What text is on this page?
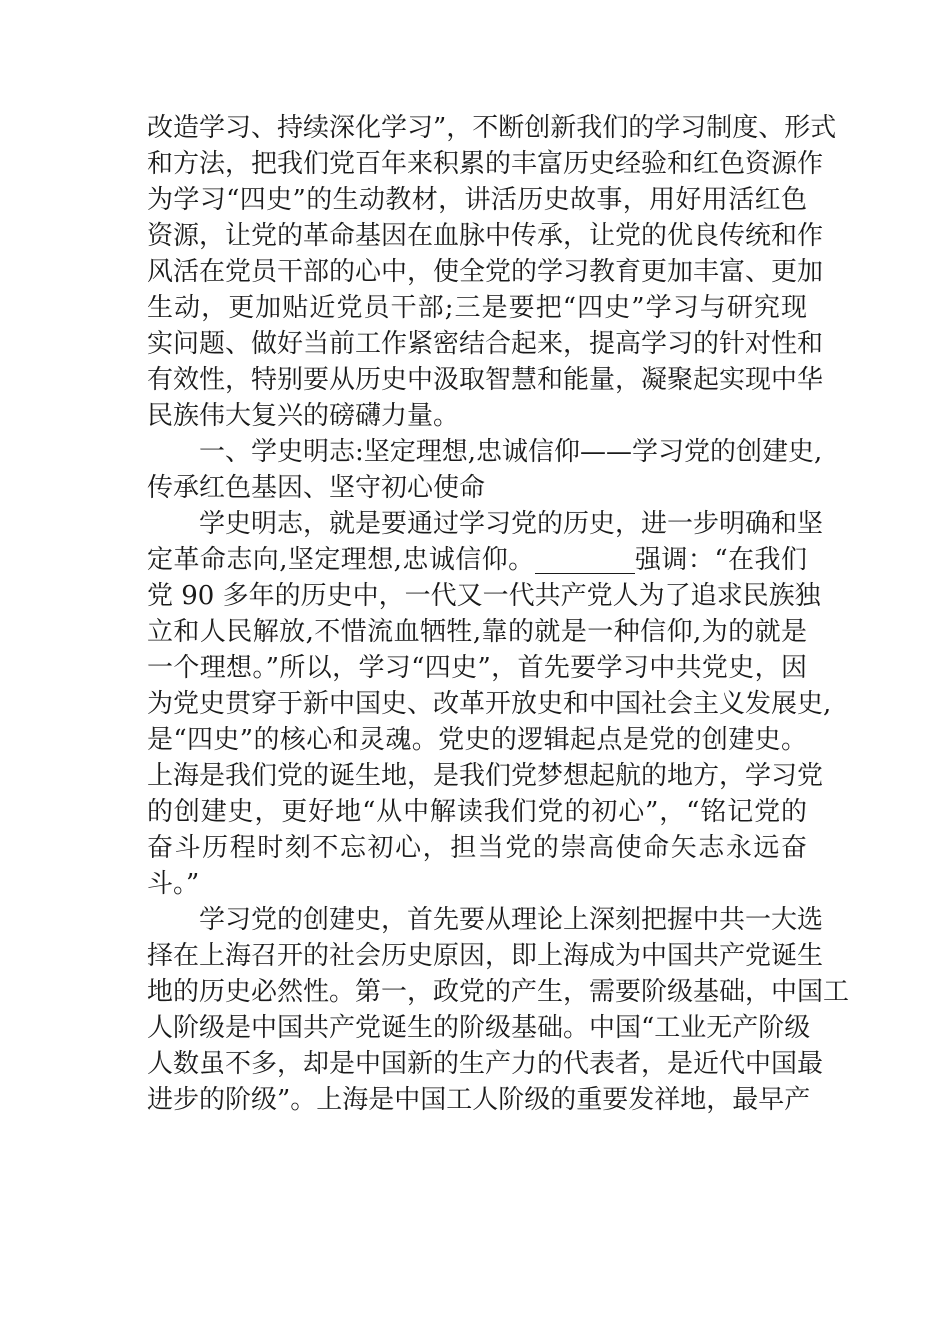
改造学习、持续深化学习”，不断创新我们的学习制度、形式
和方法，把我们党百年来积累的丰富历史经验和红色资源作
为学习“四史”的生动教材，讲活历史故事，用好用活红色
资源，让党的革命基因在血脉中传承，让党的优良传统和作
风活在党员干部的心中，使全党的学习教育更加丰富、更加
生动，更加贴近党员干部;三是要把“四史”学习与研究现
实问题、做好当前工作紧密结合起来，提高学习的针对性和
有效性，特别要从历史中汲取智慧和能量，凝聚起实现中华
民族伟大复兴的磅礴力量。
一、学史明志:坚定理想,忠诚信仰——学习党的创建史,
传承红色基因、坚守初心使命
学史明志，就是要通过学习党的历史，进一步明确和坚
定革命志向,坚定理想,忠诚信仰。	强调：“在我们
党 90 多年的历史中，一代又一代共产党人为了追求民族独
立和人民解放,不惜流血牺牲,靠的就是一种信仰,为的就是
一个理想。”所以，学习“四史”，首先要学习中共党史，因
为党史贯穿于新中国史、改革开放史和中国社会主义发展史,
是“四史”的核心和灵魂。党史的逻辑起点是党的创建史。
上海是我们党的诞生地，是我们党梦想起航的地方，学习党
的创建史，更好地“从中解读我们党的初心”，“铭记党的
奋斗历程时刻不忘初心，担当党的崇高使命矢志永远奋
斗。”
学习党的创建史，首先要从理论上深刻把握中共一大选
择在上海召开的社会历史原因，即上海成为中国共产党诞生
地的历史必然性。第一，政党的产生，需要阶级基础，中国工
人阶级是中国共产党诞生的阶级基础。中国“工业无产阶级
人数虽不多，却是中国新的生产力的代表者，是近代中国最
进步的阶级”。上海是中国工人阶级的重要发祥地，最早产
